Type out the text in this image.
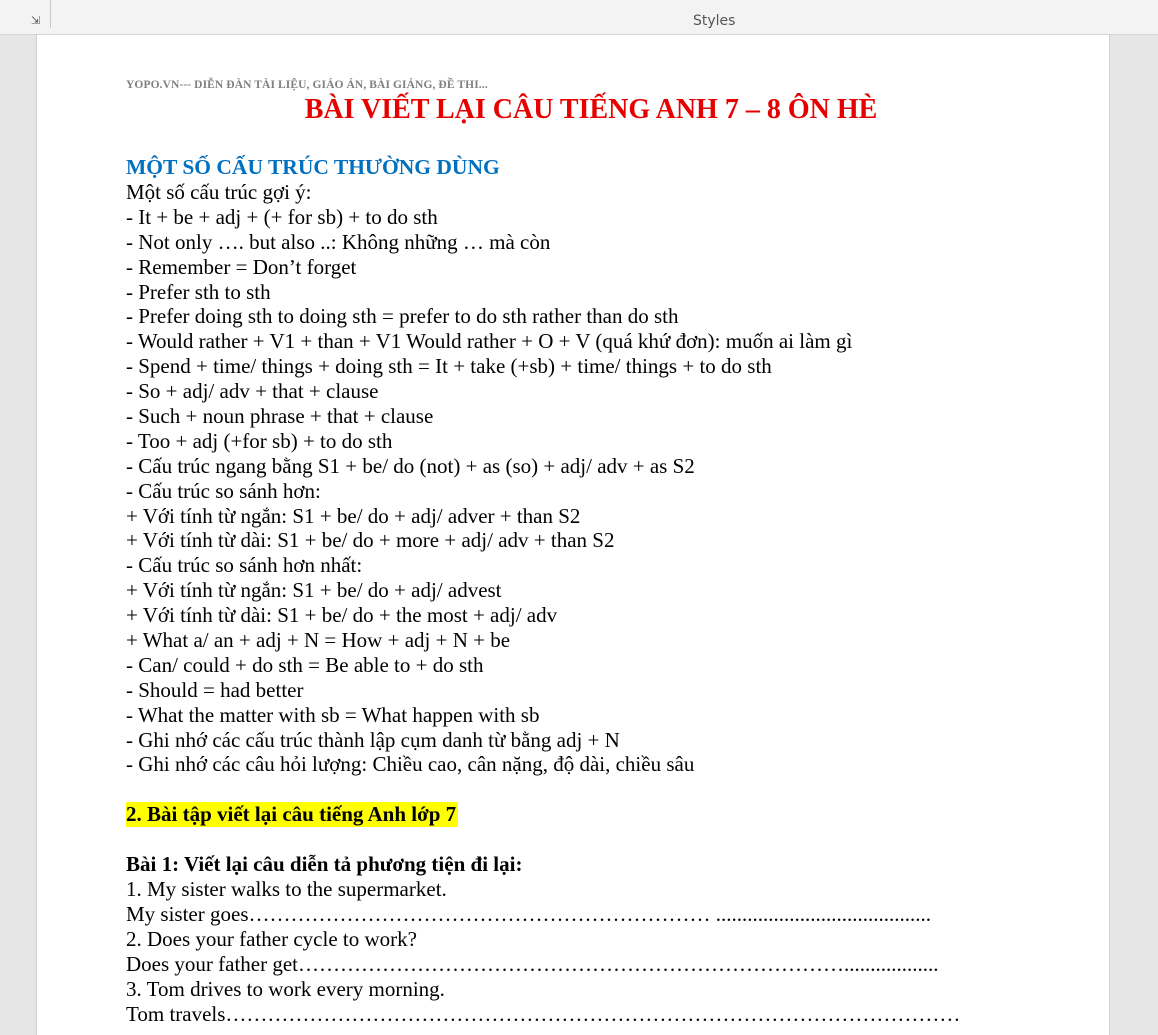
⇲	Styles
YOPO.VN--- DIỄN ĐÀN TÀI LIỆU, GIÁO ÁN, BÀI GIẢNG, ĐỀ THI...
BÀI VIẾT LẠI CÂU TIẾNG ANH 7 – 8 ÔN HÈ
MỘT SỐ CẤU TRÚC THƯỜNG DÙNG
Một số cấu trúc gợi ý:
- It + be + adj + (+ for sb) + to do sth
- Not only …. but also ..: Không những … mà còn
- Remember = Don’t forget
- Prefer sth to sth
- Prefer doing sth to doing sth = prefer to do sth rather than do sth
- Would rather + V1 + than + V1 Would rather + O + V (quá khứ đơn): muốn ai làm gì
- Spend + time/ things + doing sth = It + take (+sb) + time/ things + to do sth
- So + adj/ adv + that + clause
- Such + noun phrase + that + clause
- Too + adj (+for sb) + to do sth
- Cấu trúc ngang bằng S1 + be/ do (not) + as (so) + adj/ adv + as S2
- Cấu trúc so sánh hơn:
+ Với tính từ ngắn: S1 + be/ do + adj/ adver + than S2
+ Với tính từ dài: S1 + be/ do + more + adj/ adv + than S2
- Cấu trúc so sánh hơn nhất:
+ Với tính từ ngắn: S1 + be/ do + adj/ advest
+ Với tính từ dài: S1 + be/ do + the most + adj/ adv
+ What a/ an + adj + N = How + adj + N + be
- Can/ could + do sth = Be able to + do sth
- Should = had better
- What the matter with sb = What happen with sb
- Ghi nhớ các cấu trúc thành lập cụm danh từ bằng adj + N
- Ghi nhớ các câu hỏi lượng: Chiều cao, cân nặng, độ dài, chiều sâu
2. Bài tập viết lại câu tiếng Anh lớp 7
Bài 1: Viết lại câu diễn tả phương tiện đi lại:
1. My sister walks to the supermarket.
My sister goes………………………………………………………… .........................................
2. Does your father cycle to work?
Does your father get……………………………………………………………………..................
3. Tom drives to work every morning.
Tom travels……………………………………………………………………………………………
